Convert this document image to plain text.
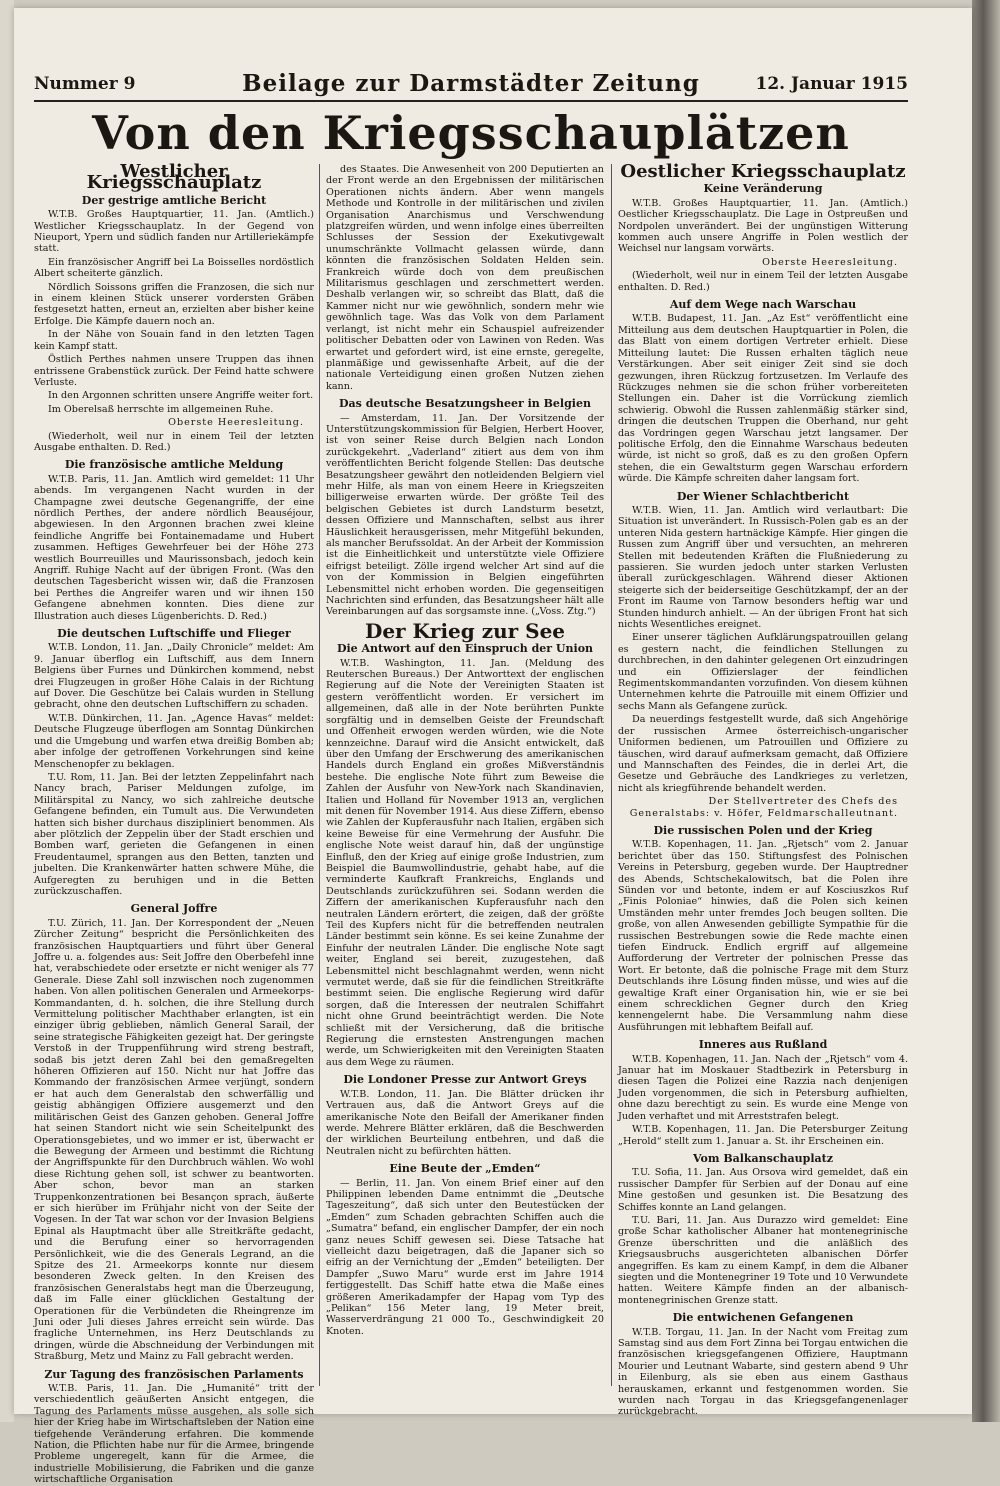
Nummer 9	Beilage zur Darmstädter Zeitung	12. Januar 1915
Von den Kriegsschauplätzen
Westlicher Kriegsschauplatz
Der gestrige amtliche Bericht

W.T.B. Großes Hauptquartier, 11. Jan. (Amtlich.) Westlicher Kriegsschauplatz. In der Gegend von Nieuport, Ypern und südlich fanden nur Artilleriekämpfe statt.

Ein französischer Angriff bei La Boisselles nordöstlich Albert scheiterte gänzlich.

Nördlich Soissons griffen die Franzosen, die sich nur in einem kleinen Stück unserer vordersten Gräben festgesetzt hatten, erneut an, erzielten aber bisher keine Erfolge. Die Kämpfe dauern noch an.

In der Nähe von Souain fand in den letzten Tagen kein Kampf statt.

Östlich Perthes nahmen unsere Truppen das ihnen entrissene Grabenstück zurück. Der Feind hatte schwere Verluste.

In den Argonnen schritten unsere Angriffe weiter fort.

Im Oberelsaß herrschte im allgemeinen Ruhe.

Oberste Heeresleitung.

(Wiederholt, weil nur in einem Teil der letzten Ausgabe enthalten. D. Red.)

Die französische amtliche Meldung

W.T.B. Paris, 11. Jan. Amtlich wird gemeldet: 11 Uhr abends. Im vergangenen Nacht wurden in der Champagne zwei deutsche Gegenangriffe, der eine nördlich Perthes, der andere nördlich Beauséjour, abgewiesen. In den Argonnen brachen zwei kleine feindliche Angriffe bei Fontainemadame und Hubert zusammen. Heftiges Gewehrfeuer bei der Höhe 273 westlich Bourreuilles und Maurissonsbach, jedoch kein Angriff. Ruhige Nacht auf der übrigen Front. (Was den deutschen Tagesbericht wissen wir, daß die Franzosen bei Perthes die Angreifer waren und wir ihnen 150 Gefangene abnehmen konnten. Dies diene zur Illustration auch dieses Lügenberichts. D. Red.)

Die deutschen Luftschiffe und Flieger

W.T.B. London, 11. Jan. „Daily Chronicle“ meldet: Am 9. Januar überflog ein Luftschiff, aus dem Innern Belgiens über Furnes und Dünkirchen kommend, nebst drei Flugzeugen in großer Höhe Calais in der Richtung auf Dover. Die Geschütze bei Calais wurden in Stellung gebracht, ohne den deutschen Luftschiffern zu schaden.

W.T.B. Dünkirchen, 11. Jan. „Agence Havas“ meldet: Deutsche Flugzeuge überflogen am Sonntag Dünkirchen und die Umgebung und warfen etwa dreißig Bomben ab; aber infolge der getroffenen Vorkehrungen sind keine Menschenopfer zu beklagen.

T.U. Rom, 11. Jan. Bei der letzten Zeppelinfahrt nach Nancy brach, Pariser Meldungen zufolge, im Militärspital zu Nancy, wo sich zahlreiche deutsche Gefangene befinden, ein Tumult aus. Die Verwundeten hatten sich bisher durchaus diszipliniert benommen. Als aber plötzlich der Zeppelin über der Stadt erschien und Bomben warf, gerieten die Gefangenen in einen Freudentaumel, sprangen aus den Betten, tanzten und jubelten. Die Krankenwärter hatten schwere Mühe, die Aufgeregten zu beruhigen und in die Betten zurückzuschaffen.

General Joffre

T.U. Zürich, 11. Jan. Der Korrespondent der „Neuen Zürcher Zeitung“ bespricht die Persönlichkeiten des französischen Hauptquartiers und führt über General Joffre u. a. folgendes aus: Seit Joffre den Oberbefehl inne hat, verabschiedete oder ersetzte er nicht weniger als 77 Generale. Diese Zahl soll inzwischen noch zugenommen haben. Von allen politischen Generalen und Armeekorps-Kommandanten, d. h. solchen, die ihre Stellung durch Vermittelung politischer Machthaber erlangten, ist ein einziger übrig geblieben, nämlich General Sarail, der seine strategische Fähigkeiten gezeigt hat. Der geringste Verstoß in der Truppenführung wird streng bestraft, sodaß bis jetzt deren Zahl bei den gemaßregelten höheren Offizieren auf 150. Nicht nur hat Joffre das Kommando der französischen Armee verjüngt, sondern er hat auch dem Generalstab den schwerfällig und geistig abhängigen Offiziere ausgemerzt und den militärischen Geist des Ganzen gehoben. General Joffre hat seinen Standort nicht wie sein Scheitelpunkt des Operationsgebietes, und wo immer er ist, überwacht er die Bewegung der Armeen und bestimmt die Richtung der Angriffspunkte für den Durchbruch wählen. Wo wohl diese Richtung gehen soll, ist schwer zu beantworten. Aber schon, bevor man an starken Truppenkonzentrationen bei Besançon sprach, äußerte er sich hierüber im Frühjahr nicht von der Seite der Vogesen. In der Tat war schon vor der Invasion Belgiens Epinal als Hauptmacht über alle Streitkräfte gedacht, und die Berufung einer so hervorragenden Persönlichkeit, wie die des Generals Legrand, an die Spitze des 21. Armeekorps konnte nur diesem besonderen Zweck gelten. In den Kreisen des französischen Generalstabs hegt man die Überzeugung, daß im Falle einer glücklichen Gestaltung der Operationen für die Verbündeten die Rheingrenze im Juni oder Juli dieses Jahres erreicht sein würde. Das fragliche Unternehmen, ins Herz Deutschlands zu dringen, würde die Abschneidung der Verbindungen mit Straßburg, Metz und Mainz zu Fall gebracht werden.

Zur Tagung des französischen Parlaments

W.T.B. Paris, 11. Jan. Die „Humanité“ tritt der verschiedentlich geäußerten Ansicht entgegen, die Tagung des Parlaments müsse ausgehen, als solle sich hier der Krieg habe im Wirtschaftsleben der Nation eine tiefgehende Veränderung erfahren. Die kommende Nation, die Pflichten habe nur für die Armee, bringende Probleme ungeregelt, kann für die Armee, die industrielle Mobilisierung, die Fabriken und die ganze wirtschaftliche Organisation

des Staates. Die Anwesenheit von 200 Deputierten an der Front werde an den Ergebnissen der militärischen Operationen nichts ändern. Aber wenn mangels Methode und Kontrolle in der militärischen und zivilen Organisation Anarchismus und Verschwendung platzgreifen würden, und wenn infolge eines überreilten Schlusses der Session der Exekutivgewalt unumschränkte Vollmacht gelassen würde, dann könnten die französischen Soldaten Helden sein. Frankreich würde doch von dem preußischen Militarismus geschlagen und zerschmettert werden. Deshalb verlangen wir, so schreibt das Blatt, daß die Kammer nicht nur wie gewöhnlich, sondern mehr wie gewöhnlich tage. Was das Volk von dem Parlament verlangt, ist nicht mehr ein Schauspiel aufreizender politischer Debatten oder von Lawinen von Reden. Was erwartet und gefordert wird, ist eine ernste, geregelte, planmäßige und gewissenhafte Arbeit, auf die der nationale Verteidigung einen großen Nutzen ziehen kann.

Das deutsche Besatzungsheer in Belgien

— Amsterdam, 11. Jan. Der Vorsitzende der Unterstützungskommission für Belgien, Herbert Hoover, ist von seiner Reise durch Belgien nach London zurückgekehrt. „Vaderland“ zitiert aus dem von ihm veröffentlichten Bericht folgende Stellen: Das deutsche Besatzungsheer gewährt den notleidenden Belgiern viel mehr Hilfe, als man von einem Heere in Kriegszeiten billigerweise erwarten würde. Der größte Teil des belgischen Gebietes ist durch Landsturm besetzt, dessen Offiziere und Mannschaften, selbst aus ihrer Häuslichkeit herausgerissen, mehr Mitgefühl bekunden, als mancher Berufssoldat. An der Arbeit der Kommission ist die Einheitlichkeit und unterstützte viele Offiziere eifrigst beteiligt. Zölle irgend welcher Art sind auf die von der Kommission in Belgien eingeführten Lebensmittel nicht erhoben worden. Die gegenseitigen Nachrichten sind erfunden, das Besatzungsheer hält alle Vereinbarungen auf das sorgsamste inne. („Voss. Ztg.“)

Der Krieg zur See
Die Antwort auf den Einspruch der Union

W.T.B. Washington, 11. Jan. (Meldung des Reuterschen Bureaus.) Der Antworttext der englischen Regierung auf die Note der Vereinigten Staaten ist gestern veröffentlicht worden. Er versichert im allgemeinen, daß alle in der Note berührten Punkte sorgfältig und in demselben Geiste der Freundschaft und Offenheit erwogen werden würden, wie die Note kennzeichne. Darauf wird die Ansicht entwickelt, daß über den Umfang der Erschwerung des amerikanischen Handels durch England ein großes Mißverständnis bestehe. Die englische Note führt zum Beweise die Zahlen der Ausfuhr von New-York nach Skandinavien, Italien und Holland für November 1913 an, verglichen mit denen für November 1914. Aus diese Ziffern, ebenso wie Zahlen der Kupferausfuhr nach Italien, ergäben sich keine Beweise für eine Vermehrung der Ausfuhr. Die englische Note weist darauf hin, daß der ungünstige Einfluß, den der Krieg auf einige große Industrien, zum Beispiel die Baumwollindustrie, gehabt habe, auf die verminderte Kaufkraft Frankreichs, Englands und Deutschlands zurückzuführen sei. Sodann werden die Ziffern der amerikanischen Kupferausfuhr nach den neutralen Ländern erörtert, die zeigen, daß der größte Teil des Kupfers nicht für die betreffenden neutralen Länder bestimmt sein könne. Es sei keine Zunahme der Einfuhr der neutralen Länder. Die englische Note sagt weiter, England sei bereit, zuzugestehen, daß Lebensmittel nicht beschlagnahmt werden, wenn nicht vermutet werde, daß sie für die feindlichen Streitkräfte bestimmt seien. Die englische Regierung wird dafür sorgen, daß die Interessen der neutralen Schiffahrt nicht ohne Grund beeinträchtigt werden. Die Note schließt mit der Versicherung, daß die britische Regierung die ernstesten Anstrengungen machen werde, um Schwierigkeiten mit den Vereinigten Staaten aus dem Wege zu räumen.

Die Londoner Presse zur Antwort Greys

W.T.B. London, 11. Jan. Die Blätter drücken ihr Vertrauen aus, daß die Antwort Greys auf die amerikanische Note den Beifall der Amerikaner finden werde. Mehrere Blätter erklären, daß die Beschwerden der wirklichen Beurteilung entbehren, und daß die Neutralen nicht zu befürchten hätten.

Eine Beute der „Emden“

— Berlin, 11. Jan. Von einem Brief einer auf den Philippinen lebenden Dame entnimmt die „Deutsche Tageszeitung“, daß sich unter den Beutestücken der „Emden“ zum Schaden gebrachten Schiffen auch die „Sumatra“ befand, ein englischer Dampfer, der ein noch ganz neues Schiff gewesen sei. Diese Tatsache hat vielleicht dazu beigetragen, daß die Japaner sich so eifrig an der Vernichtung der „Emden“ beteiligten. Der Dampfer „Suwo Maru“ wurde erst im Jahre 1914 fertiggestellt. Das Schiff hatte etwa die Maße eines größeren Amerikadampfer der Hapag vom Typ des „Pelikan“ 156 Meter lang, 19 Meter breit, Wasserverdrängung 21 000 To., Geschwindigkeit 20 Knoten.

Oestlicher Kriegsschauplatz
Keine Veränderung

W.T.B. Großes Hauptquartier, 11. Jan. (Amtlich.) Oestlicher Kriegsschauplatz. Die Lage in Ostpreußen und Nordpolen unverändert. Bei der ungünstigen Witterung kommen auch unsere Angriffe in Polen westlich der Weichsel nur langsam vorwärts.

Oberste Heeresleitung.

(Wiederholt, weil nur in einem Teil der letzten Ausgabe enthalten. D. Red.)

Auf dem Wege nach Warschau

W.T.B. Budapest, 11. Jan. „Az Est“ veröffentlicht eine Mitteilung aus dem deutschen Hauptquartier in Polen, die das Blatt von einem dortigen Vertreter erhielt. Diese Mitteilung lautet: Die Russen erhalten täglich neue Verstärkungen. Aber seit einiger Zeit sind sie doch gezwungen, ihren Rückzug fortzusetzen. Im Verlaufe des Rückzuges nehmen sie die schon früher vorbereiteten Stellungen ein. Daher ist die Vorrückung ziemlich schwierig. Obwohl die Russen zahlenmäßig stärker sind, dringen die deutschen Truppen die Oberhand, nur geht das Vordringen gegen Warschau jetzt langsamer. Der politische Erfolg, den die Einnahme Warschaus bedeuten würde, ist nicht so groß, daß es zu den großen Opfern stehen, die ein Gewaltsturm gegen Warschau erfordern würde. Die Kämpfe schreiten daher langsam fort.

Der Wiener Schlachtbericht

W.T.B. Wien, 11. Jan. Amtlich wird verlautbart: Die Situation ist unverändert. In Russisch-Polen gab es an der unteren Nida gestern hartnäckige Kämpfe. Hier gingen die Russen zum Angriff über und versuchten, an mehreren Stellen mit bedeutenden Kräften die Flußniederung zu passieren. Sie wurden jedoch unter starken Verlusten überall zurückgeschlagen. Während dieser Aktionen steigerte sich der beiderseitige Geschützkampf, der an der Front im Raume von Tarnow besonders heftig war und Stunden hindurch anhielt. — An der übrigen Front hat sich nichts Wesentliches ereignet.

Einer unserer täglichen Aufklärungspatrouillen gelang es gestern nacht, die feindlichen Stellungen zu durchbrechen, in den dahinter gelegenen Ort einzudringen und ein Offizierslager der feindlichen Regimentskommandanten vorzufinden. Von diesem kühnen Unternehmen kehrte die Patrouille mit einem Offizier und sechs Mann als Gefangene zurück.

Da neuerdings festgestellt wurde, daß sich Angehörige der russischen Armee österreichisch-ungarischer Uniformen bedienen, um Patrouillen und Offiziere zu täuschen, wird darauf aufmerksam gemacht, daß Offiziere und Mannschaften des Feindes, die in derlei Art, die Gesetze und Gebräuche des Landkrieges zu verletzen, nicht als kriegführende behandelt werden.

Der Stellvertreter des Chefs des Generalstabs: v. Höfer, Feldmarschalleutnant.

Die russischen Polen und der Krieg

W.T.B. Kopenhagen, 11. Jan. „Rjetsch“ vom 2. Januar berichtet über das 150. Stiftungsfest des Polnischen Vereins in Petersburg, gegeben wurde. Der Hauptredner des Abends, Schtschekalowitsch, bat die Polen ihre Sünden vor und betonte, indem er auf Kosciuszkos Ruf „Finis Poloniae“ hinwies, daß die Polen sich keinen Umständen mehr unter fremdes Joch beugen sollten. Die große, von allen Anwesenden gebilligte Sympathie für die russischen Bestrebungen sowie die Rede machte einen tiefen Eindruck. Endlich ergriff auf allgemeine Aufforderung der Vertreter der polnischen Presse das Wort. Er betonte, daß die polnische Frage mit dem Sturz Deutschlands ihre Lösung finden müsse, und wies auf die gewaltige Kraft einer Organisation hin, wie er sie bei einem schrecklichen Gegner durch den Krieg kennengelernt habe. Die Versammlung nahm diese Ausführungen mit lebhaftem Beifall auf.

Inneres aus Rußland

W.T.B. Kopenhagen, 11. Jan. Nach der „Rjetsch“ vom 4. Januar hat im Moskauer Stadtbezirk in Petersburg in diesen Tagen die Polizei eine Razzia nach denjenigen Juden vorgenommen, die sich in Petersburg aufhielten, ohne dazu berechtigt zu sein. Es wurde eine Menge von Juden verhaftet und mit Arreststrafen belegt.

W.T.B. Kopenhagen, 11. Jan. Die Petersburger Zeitung „Herold“ stellt zum 1. Januar a. St. ihr Erscheinen ein.

Vom Balkanschauplatz

T.U. Sofia, 11. Jan. Aus Orsova wird gemeldet, daß ein russischer Dampfer für Serbien auf der Donau auf eine Mine gestoßen und gesunken ist. Die Besatzung des Schiffes konnte an Land gelangen.

T.U. Bari, 11. Jan. Aus Durazzo wird gemeldet: Eine große Schar katholischer Albaner hat montenegrinische Grenze überschritten und die anläßlich des Kriegsausbruchs ausgerichteten albanischen Dörfer angegriffen. Es kam zu einem Kampf, in dem die Albaner siegten und die Montenegriner 19 Tote und 10 Verwundete hatten. Weitere Kämpfe finden an der albanisch-montenegrinischen Grenze statt.

Die entwichenen Gefangenen

W.T.B. Torgau, 11. Jan. In der Nacht vom Freitag zum Samstag sind aus dem Fort Zinna bei Torgau entwichen die französischen kriegsgefangenen Offiziere, Hauptmann Mourier und Leutnant Wabarte, sind gestern abend 9 Uhr in Eilenburg, als sie eben aus einem Gasthaus herauskamen, erkannt und festgenommen worden. Sie wurden nach Torgau in das Kriegsgefangenenlager zurückgebracht.
